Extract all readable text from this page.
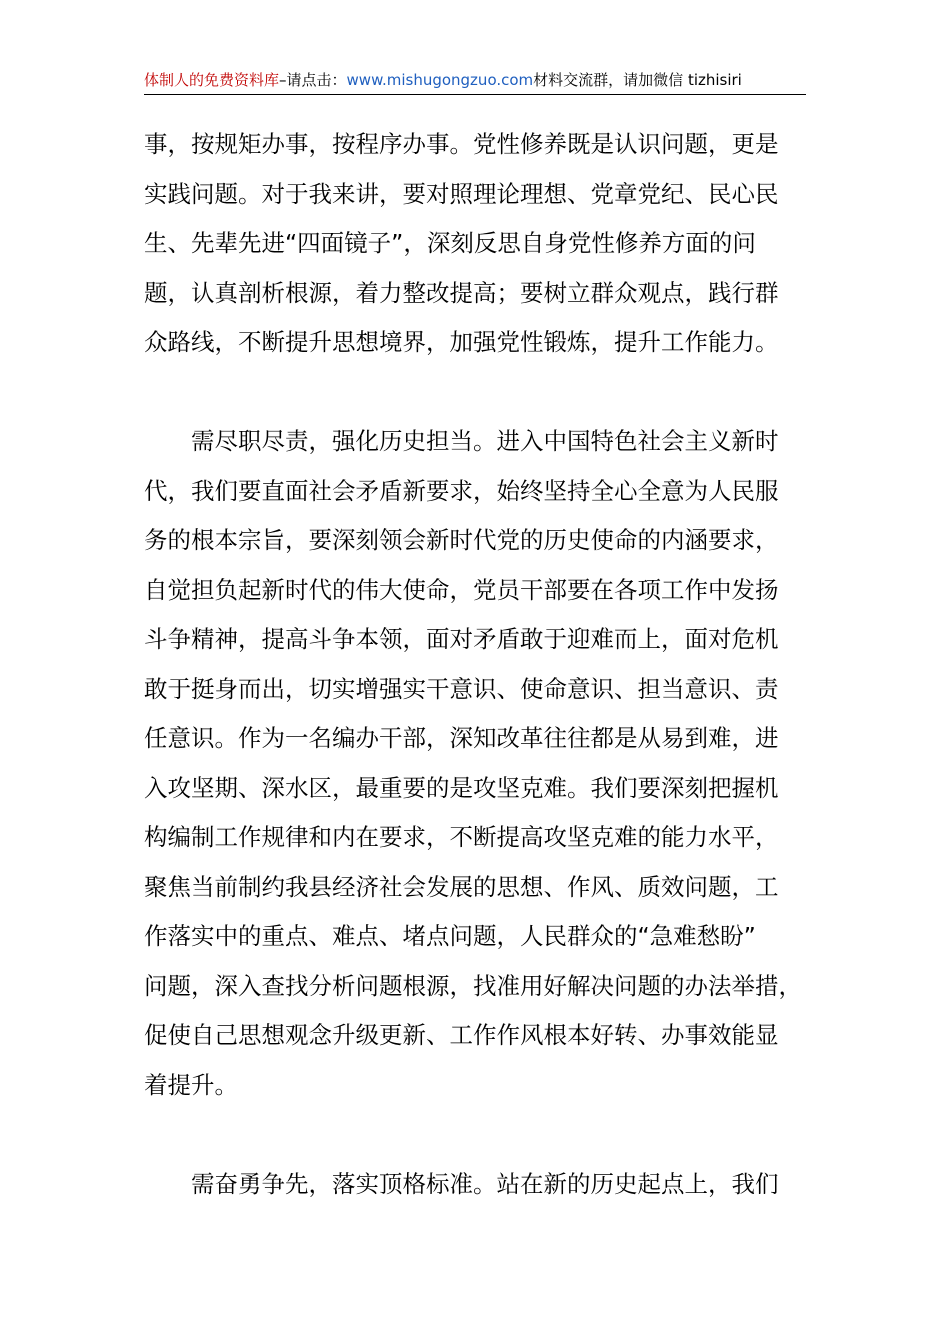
体制人的免费资料库–请点击：www.mishugongzuo.com材料交流群，请加微信 tizhisiri
事，按规矩办事，按程序办事。党性修养既是认识问题，更是
实践问题。对于我来讲，要对照理论理想、党章党纪、民心民
生、先辈先进“四面镜子”，深刻反思自身党性修养方面的问
题，认真剖析根源，着力整改提高；要树立群众观点，践行群
众路线，不断提升思想境界，加强党性锻炼，提升工作能力。
　　需尽职尽责，强化历史担当。进入中国特色社会主义新时
代，我们要直面社会矛盾新要求，始终坚持全心全意为人民服
务的根本宗旨，要深刻领会新时代党的历史使命的内涵要求，
自觉担负起新时代的伟大使命，党员干部要在各项工作中发扬
斗争精神，提高斗争本领，面对矛盾敢于迎难而上，面对危机
敢于挺身而出，切实增强实干意识、使命意识、担当意识、责
任意识。作为一名编办干部，深知改革往往都是从易到难，进
入攻坚期、深水区，最重要的是攻坚克难。我们要深刻把握机
构编制工作规律和内在要求，不断提高攻坚克难的能力水平，
聚焦当前制约我县经济社会发展的思想、作风、质效问题，工
作落实中的重点、难点、堵点问题，人民群众的“急难愁盼”
问题，深入查找分析问题根源，找准用好解决问题的办法举措，
促使自己思想观念升级更新、工作作风根本好转、办事效能显
着提升。
　　需奋勇争先，落实顶格标准。站在新的历史起点上，我们
